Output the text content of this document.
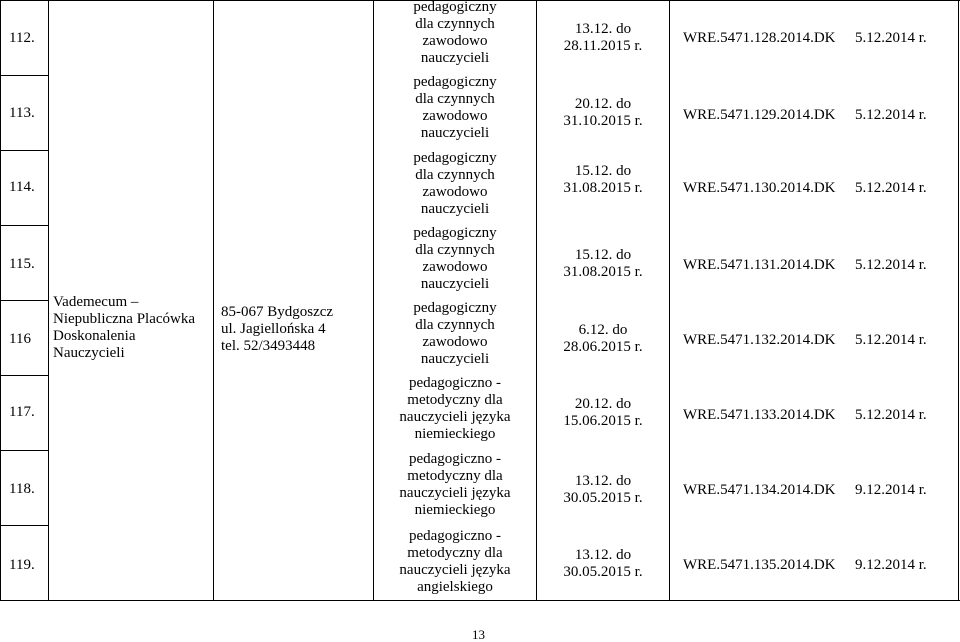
112.
113.
114.
115.
116
117.
118.
119.
Vademecum –
Niepubliczna Placówka
Doskonalenia
Nauczycieli
85-067 Bydgoszcz
ul. Jagiellońska 4
tel. 52/3493448
pedagogiczny
dla czynnych
zawodowo
nauczycieli
pedagogiczny
dla czynnych
zawodowo
nauczycieli
pedagogiczny
dla czynnych
zawodowo
nauczycieli
pedagogiczny
dla czynnych
zawodowo
nauczycieli
pedagogiczny
dla czynnych
zawodowo
nauczycieli
pedagogiczno -
metodyczny dla
nauczycieli języka
niemieckiego
pedagogiczno -
metodyczny dla
nauczycieli języka
niemieckiego
pedagogiczno -
metodyczny dla
nauczycieli języka
angielskiego
13.12. do
28.11.2015 r.
20.12. do
31.10.2015 r.
15.12. do
31.08.2015 r.
15.12. do
31.08.2015 r.
6.12. do
28.06.2015 r.
20.12. do
15.06.2015 r.
13.12. do
30.05.2015 r.
13.12. do
30.05.2015 r.
WRE.5471.128.2014.DK 5.12.2014 r.
WRE.5471.129.2014.DK 5.12.2014 r.
WRE.5471.130.2014.DK 5.12.2014 r.
WRE.5471.131.2014.DK 5.12.2014 r.
WRE.5471.132.2014.DK 5.12.2014 r.
WRE.5471.133.2014.DK 5.12.2014 r.
WRE.5471.134.2014.DK 9.12.2014 r.
WRE.5471.135.2014.DK 9.12.2014 r.
13
